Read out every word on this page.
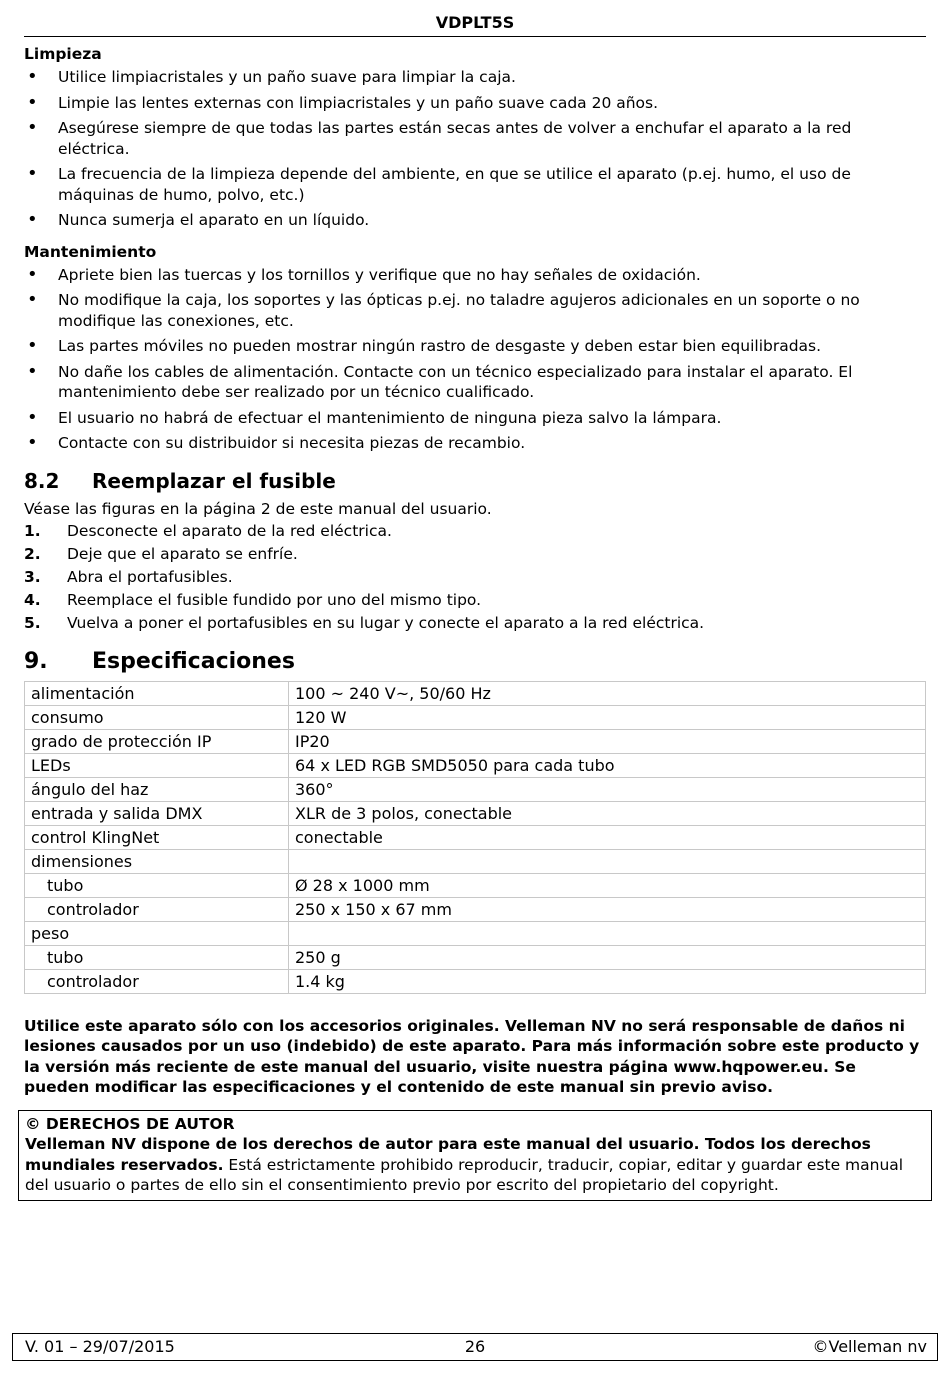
VDPLT5S
Limpieza
• Utilice limpiacristales y un paño suave para limpiar la caja.
• Limpie las lentes externas con limpiacristales y un paño suave cada 20 años.
• Asegúrese siempre de que todas las partes están secas antes de volver a enchufar el aparato a la red eléctrica.
• La frecuencia de la limpieza depende del ambiente, en que se utilice el aparato (p.ej. humo, el uso de máquinas de humo, polvo, etc.)
• Nunca sumerja el aparato en un líquido.
Mantenimiento
• Apriete bien las tuercas y los tornillos y verifique que no hay señales de oxidación.
• No modifique la caja, los soportes y las ópticas p.ej. no taladre agujeros adicionales en un soporte o no modifique las conexiones, etc.
• Las partes móviles no pueden mostrar ningún rastro de desgaste y deben estar bien equilibradas.
• No dañe los cables de alimentación. Contacte con un técnico especializado para instalar el aparato. El mantenimiento debe ser realizado por un técnico cualificado.
• El usuario no habrá de efectuar el mantenimiento de ninguna pieza salvo la lámpara.
• Contacte con su distribuidor si necesita piezas de recambio.
8.2 Reemplazar el fusible

Véase las figuras en la página 2 de este manual del usuario.

1. Desconecte el aparato de la red eléctrica.
2. Deje que el aparato se enfríe.
3. Abra el portafusibles.
4. Reemplace el fusible fundido por uno del mismo tipo.
5. Vuelva a poner el portafusibles en su lugar y conecte el aparato a la red eléctrica.
9. Especificaciones
alimentación	100 ~ 240 V~, 50/60 Hz
consumo	120 W
grado de protección IP	IP20
LEDs	64 x LED RGB SMD5050 para cada tubo
ángulo del haz	360°
entrada y salida DMX	XLR de 3 polos, conectable
control KlingNet	conectable
dimensiones	
tubo	Ø 28 x 1000 mm
controlador	250 x 150 x 67 mm
peso	
tubo	250 g
controlador	1.4 kg
Utilice este aparato sólo con los accesorios originales. Velleman NV no será responsable de daños ni lesiones causados por un uso (indebido) de este aparato. Para más información sobre este producto y la versión más reciente de este manual del usuario, visite nuestra página www.hqpower.eu. Se pueden modificar las especificaciones y el contenido de este manual sin previo aviso.
© DERECHOS DE AUTOR
Velleman NV dispone de los derechos de autor para este manual del usuario. Todos los derechos mundiales reservados. Está estrictamente prohibido reproducir, traducir, copiar, editar y guardar este manual del usuario o partes de ello sin el consentimiento previo por escrito del propietario del copyright.
26
V. 01 – 29/07/2015	©Velleman nv
